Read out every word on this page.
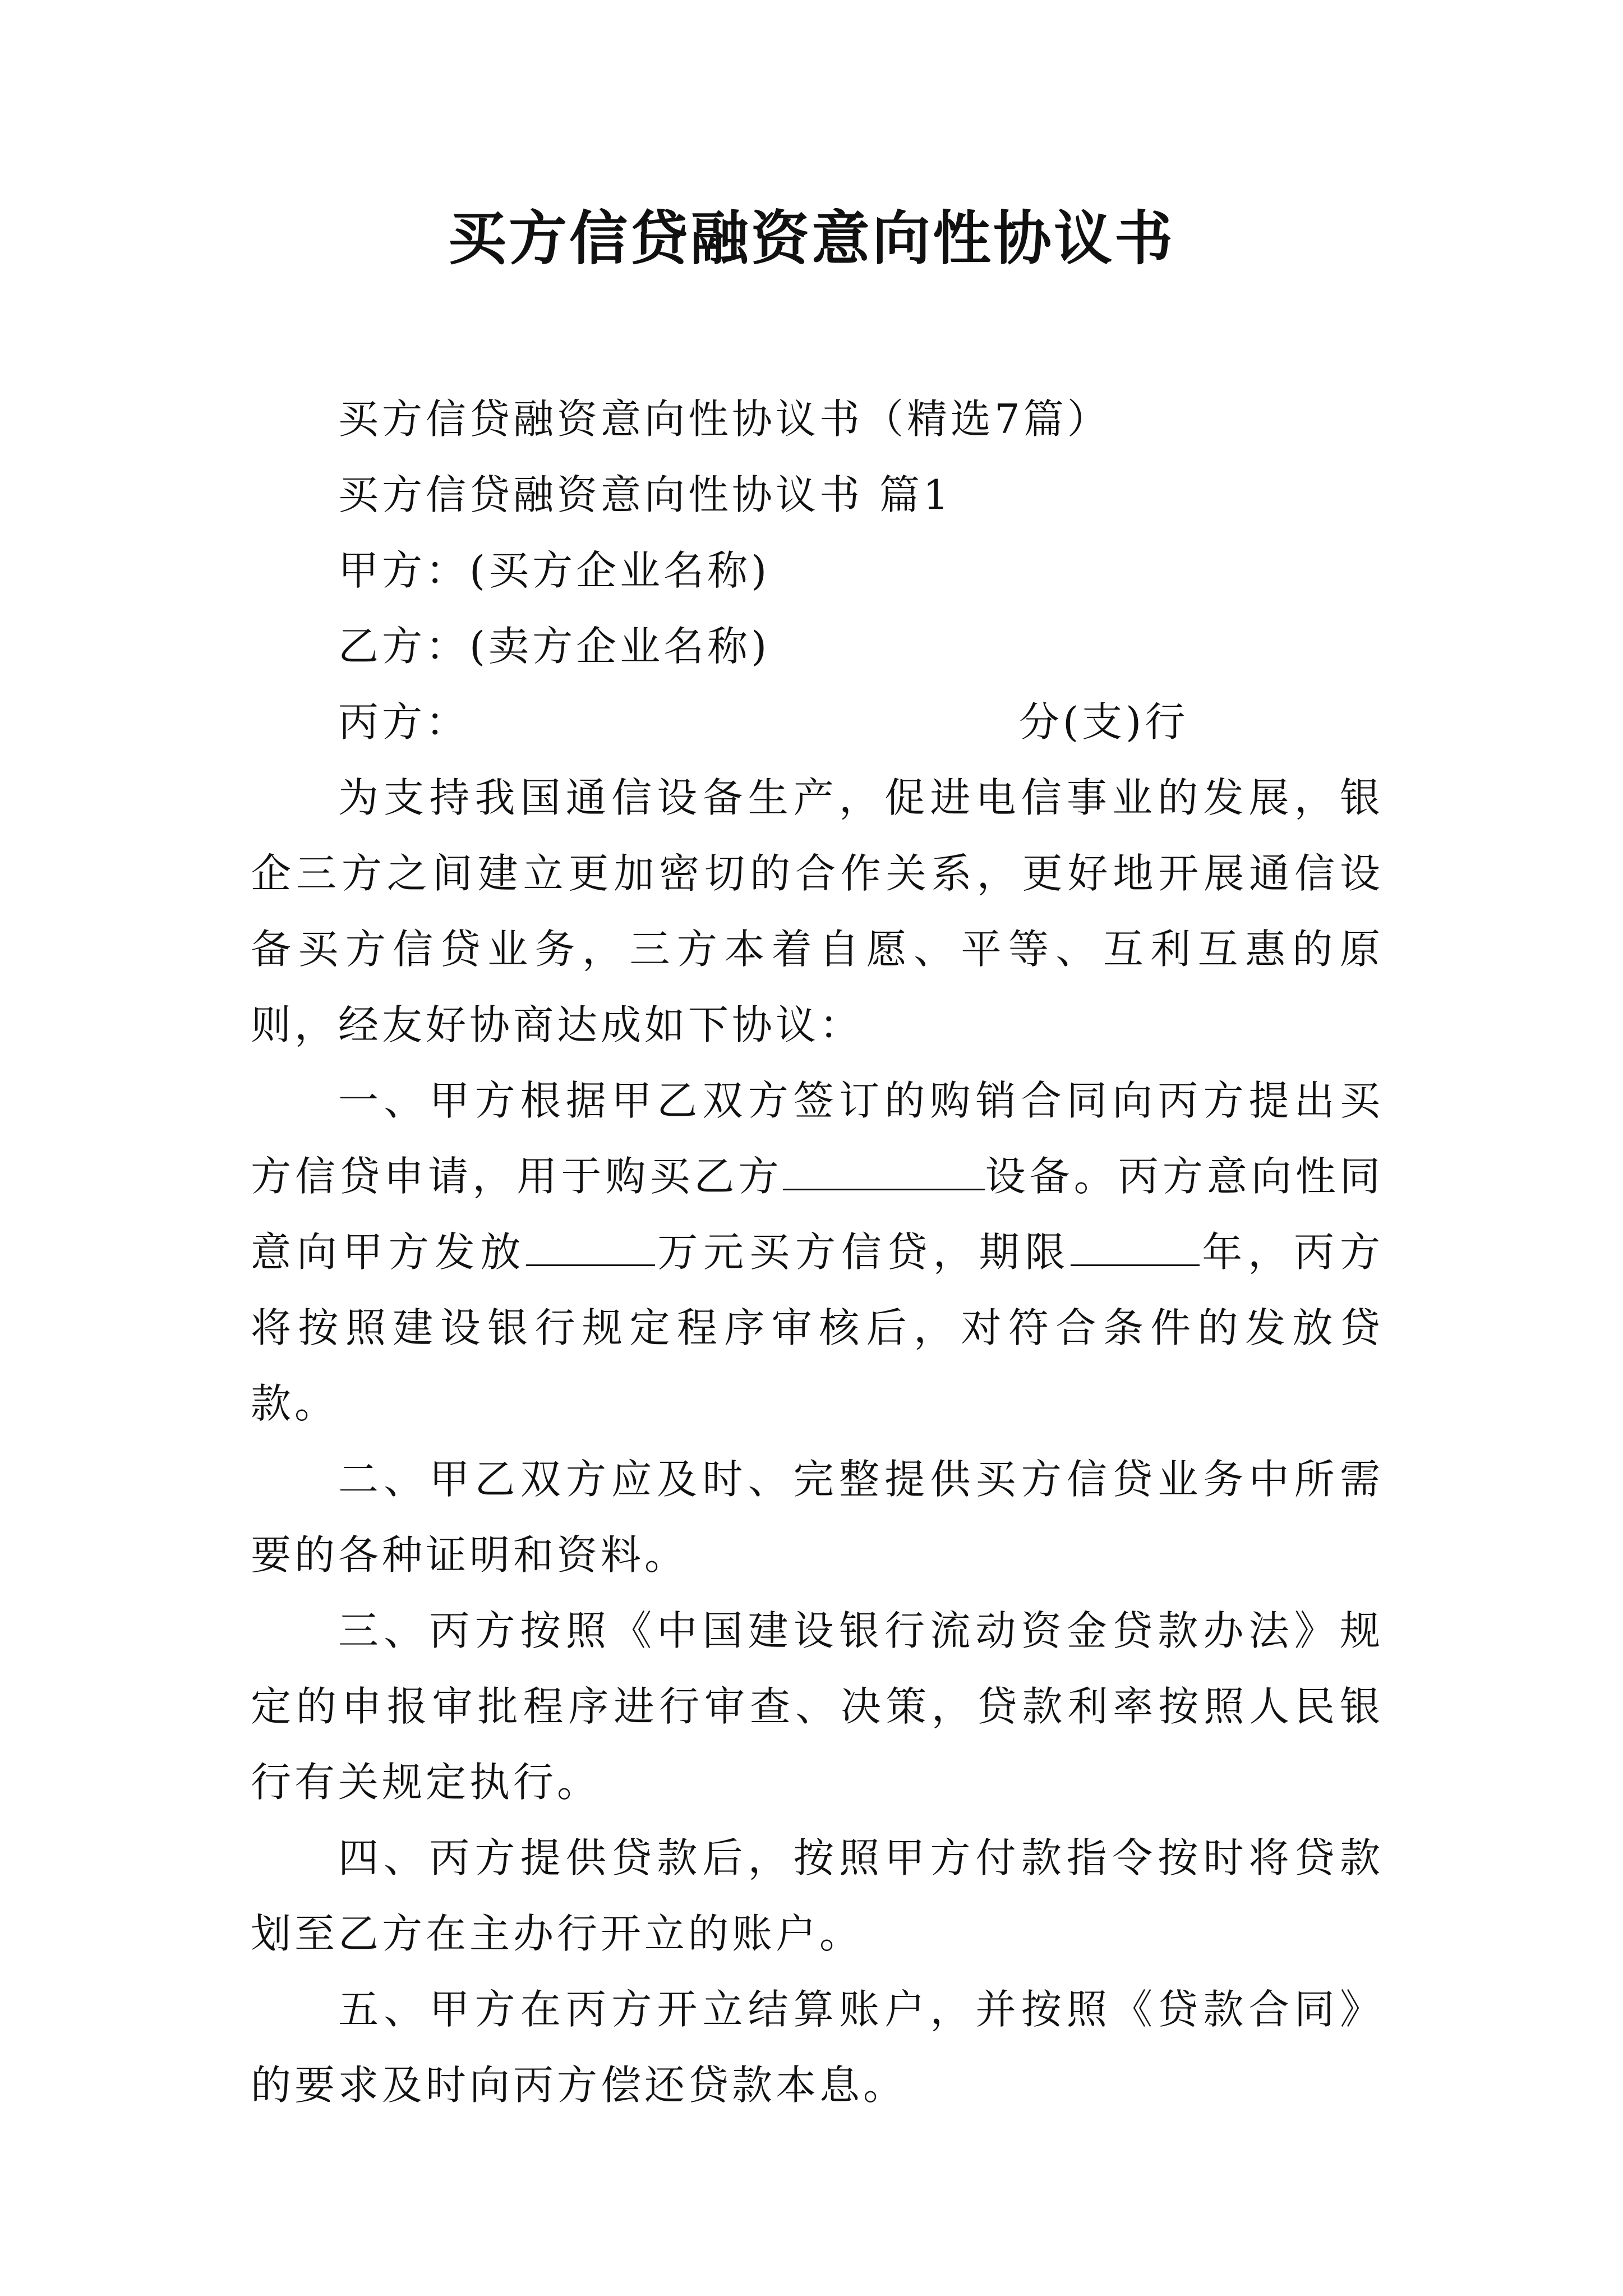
买方信贷融资意向性协议书

买方信贷融资意向性协议书（精选7篇）

买方信贷融资意向性协议书 篇1

甲方：(买方企业名称)

乙方：(卖方企业名称)

丙方：	分(支)行

为支持我国通信设备生产，促进电信事业的发展，银企三方之间建立更加密切的合作关系，更好地开展通信设备买方信贷业务，三方本着自愿、平等、互利互惠的原则，经友好协商达成如下协议：

一、甲方根据甲乙双方签订的购销合同向丙方提出买方信贷申请，用于购买乙方	设备。丙方意向性同意向甲方发放	万元买方信贷，期限	年，丙方将按照建设银行规定程序审核后，对符合条件的发放贷款。

二、甲乙双方应及时、完整提供买方信贷业务中所需要的各种证明和资料。

三、丙方按照《中国建设银行流动资金贷款办法》规定的申报审批程序进行审查、决策，贷款利率按照人民银行有关规定执行。

四、丙方提供贷款后，按照甲方付款指令按时将贷款划至乙方在主办行开立的账户。

五、甲方在丙方开立结算账户，并按照《贷款合同》的要求及时向丙方偿还贷款本息。
